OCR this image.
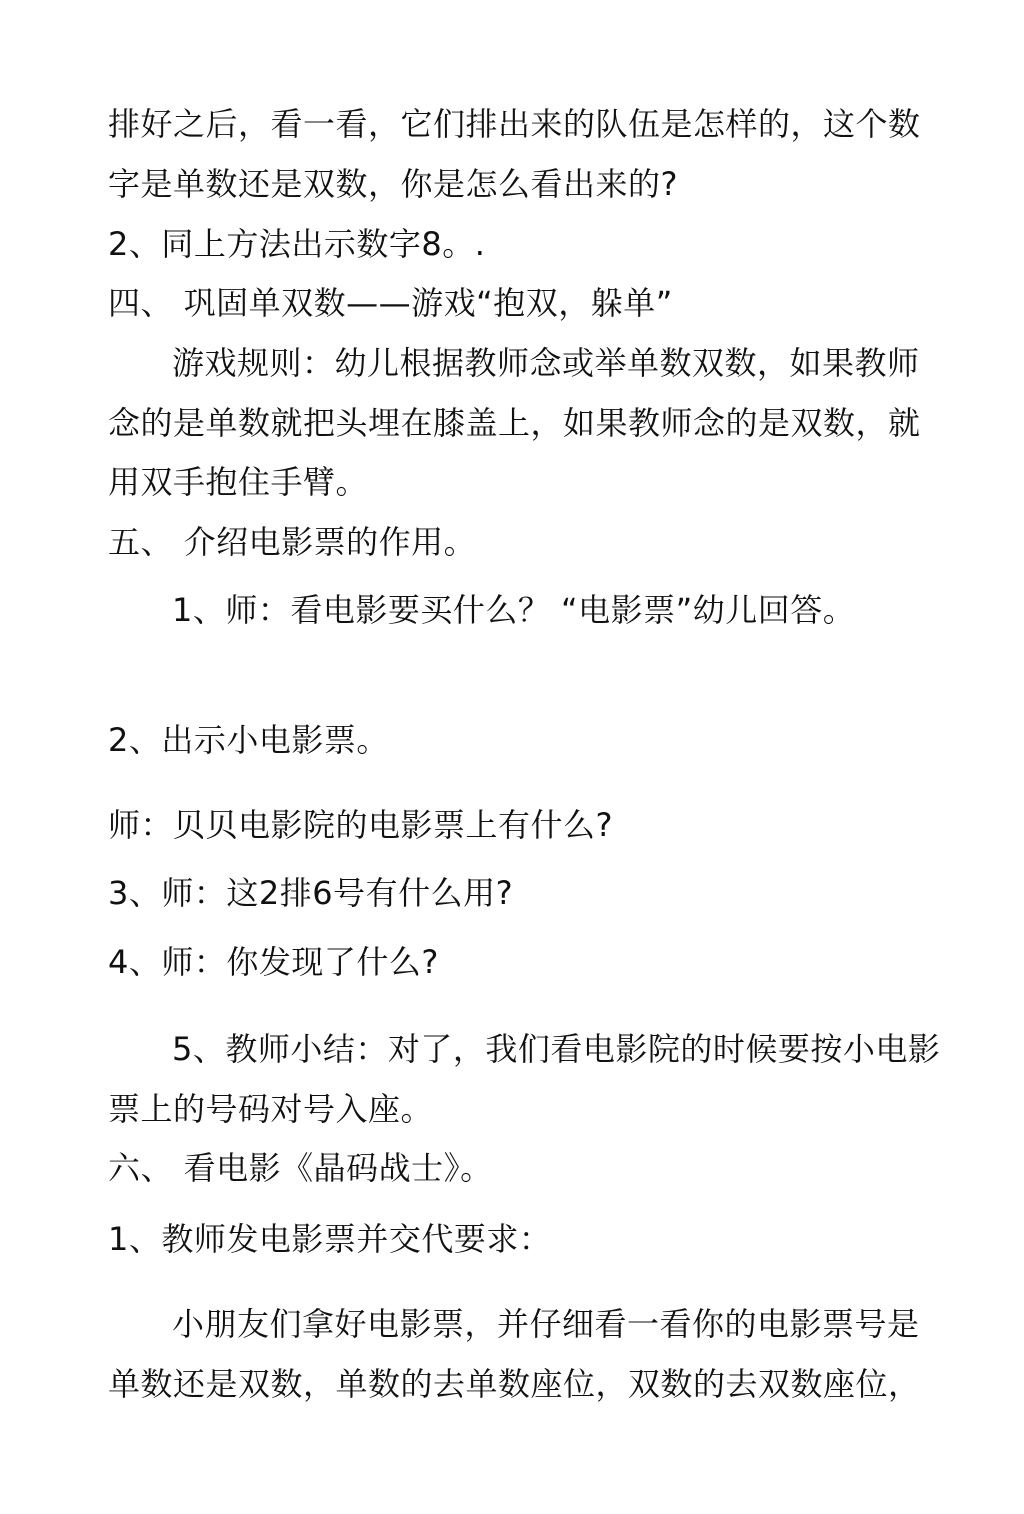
排好之后，看一看，它们排出来的队伍是怎样的，这个数

字是单数还是双数，你是怎么看出来的?

2、同上方法出示数字8。.

四、 巩固单双数——游戏“抱双，躲单”

游戏规则：幼儿根据教师念或举单数双数，如果教师

念的是单数就把头埋在膝盖上，如果教师念的是双数，就

用双手抱住手臂。

五、 介绍电影票的作用。

1、师：看电影要买什么？ “电影票”幼儿回答。

2、出示小电影票。

师：贝贝电影院的电影票上有什么?

3、师：这2排6号有什么用?

4、师：你发现了什么?

5、教师小结：对了，我们看电影院的时候要按小电影

票上的号码对号入座。

六、 看电影《晶码战士》。

1、教师发电影票并交代要求：

小朋友们拿好电影票，并仔细看一看你的电影票号是

单数还是双数，单数的去单数座位，双数的去双数座位，
